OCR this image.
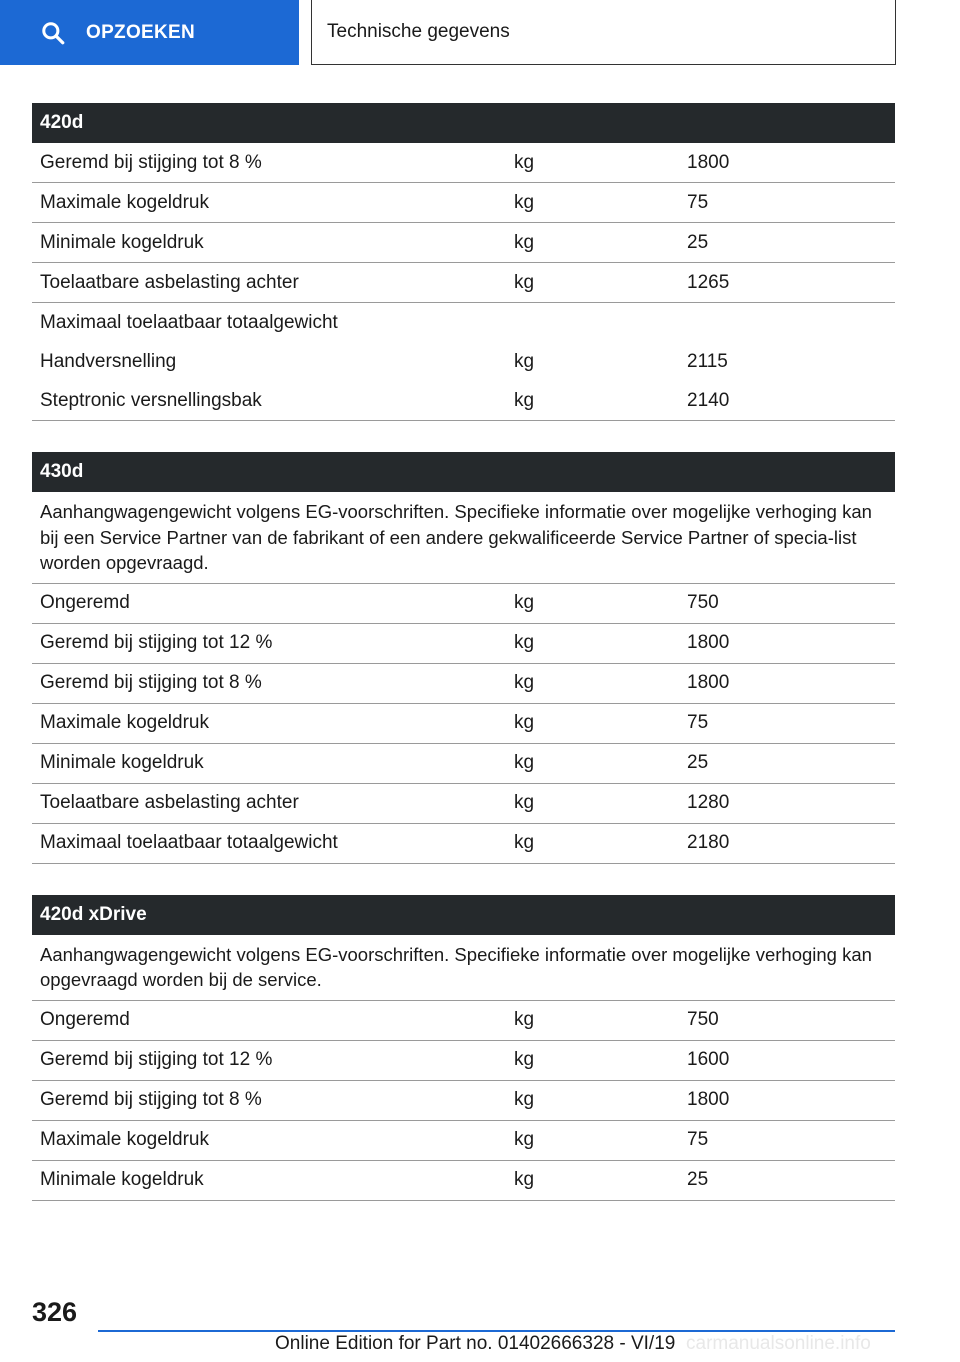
OPZOEKEN	Technische gegevens
420d
Geremd bij stijging tot 8 %	kg	1800
Maximale kogeldruk	kg	75
Minimale kogeldruk	kg	25
Toelaatbare asbelasting achter	kg	1265
Maximaal toelaatbaar totaalgewicht
Handversnelling	kg	2115
Steptronic versnellingsbak	kg	2140
430d
Aanhangwagengewicht volgens EG-voorschriften. Specifieke informatie over mogelijke verhoging kan bij een Service Partner van de fabrikant of een andere gekwalificeerde Service Partner of specia-list worden opgevraagd.
Ongeremd	kg	750
Geremd bij stijging tot 12 %	kg	1800
Geremd bij stijging tot 8 %	kg	1800
Maximale kogeldruk	kg	75
Minimale kogeldruk	kg	25
Toelaatbare asbelasting achter	kg	1280
Maximaal toelaatbaar totaalgewicht	kg	2180
420d xDrive
Aanhangwagengewicht volgens EG-voorschriften. Specifieke informatie over mogelijke verhoging kan opgevraagd worden bij de service.
Ongeremd	kg	750
Geremd bij stijging tot 12 %	kg	1600
Geremd bij stijging tot 8 %	kg	1800
Maximale kogeldruk	kg	75
Minimale kogeldruk	kg	25
326
Online Edition for Part no. 01402666328 - VI/19 carmanualsonline.info
